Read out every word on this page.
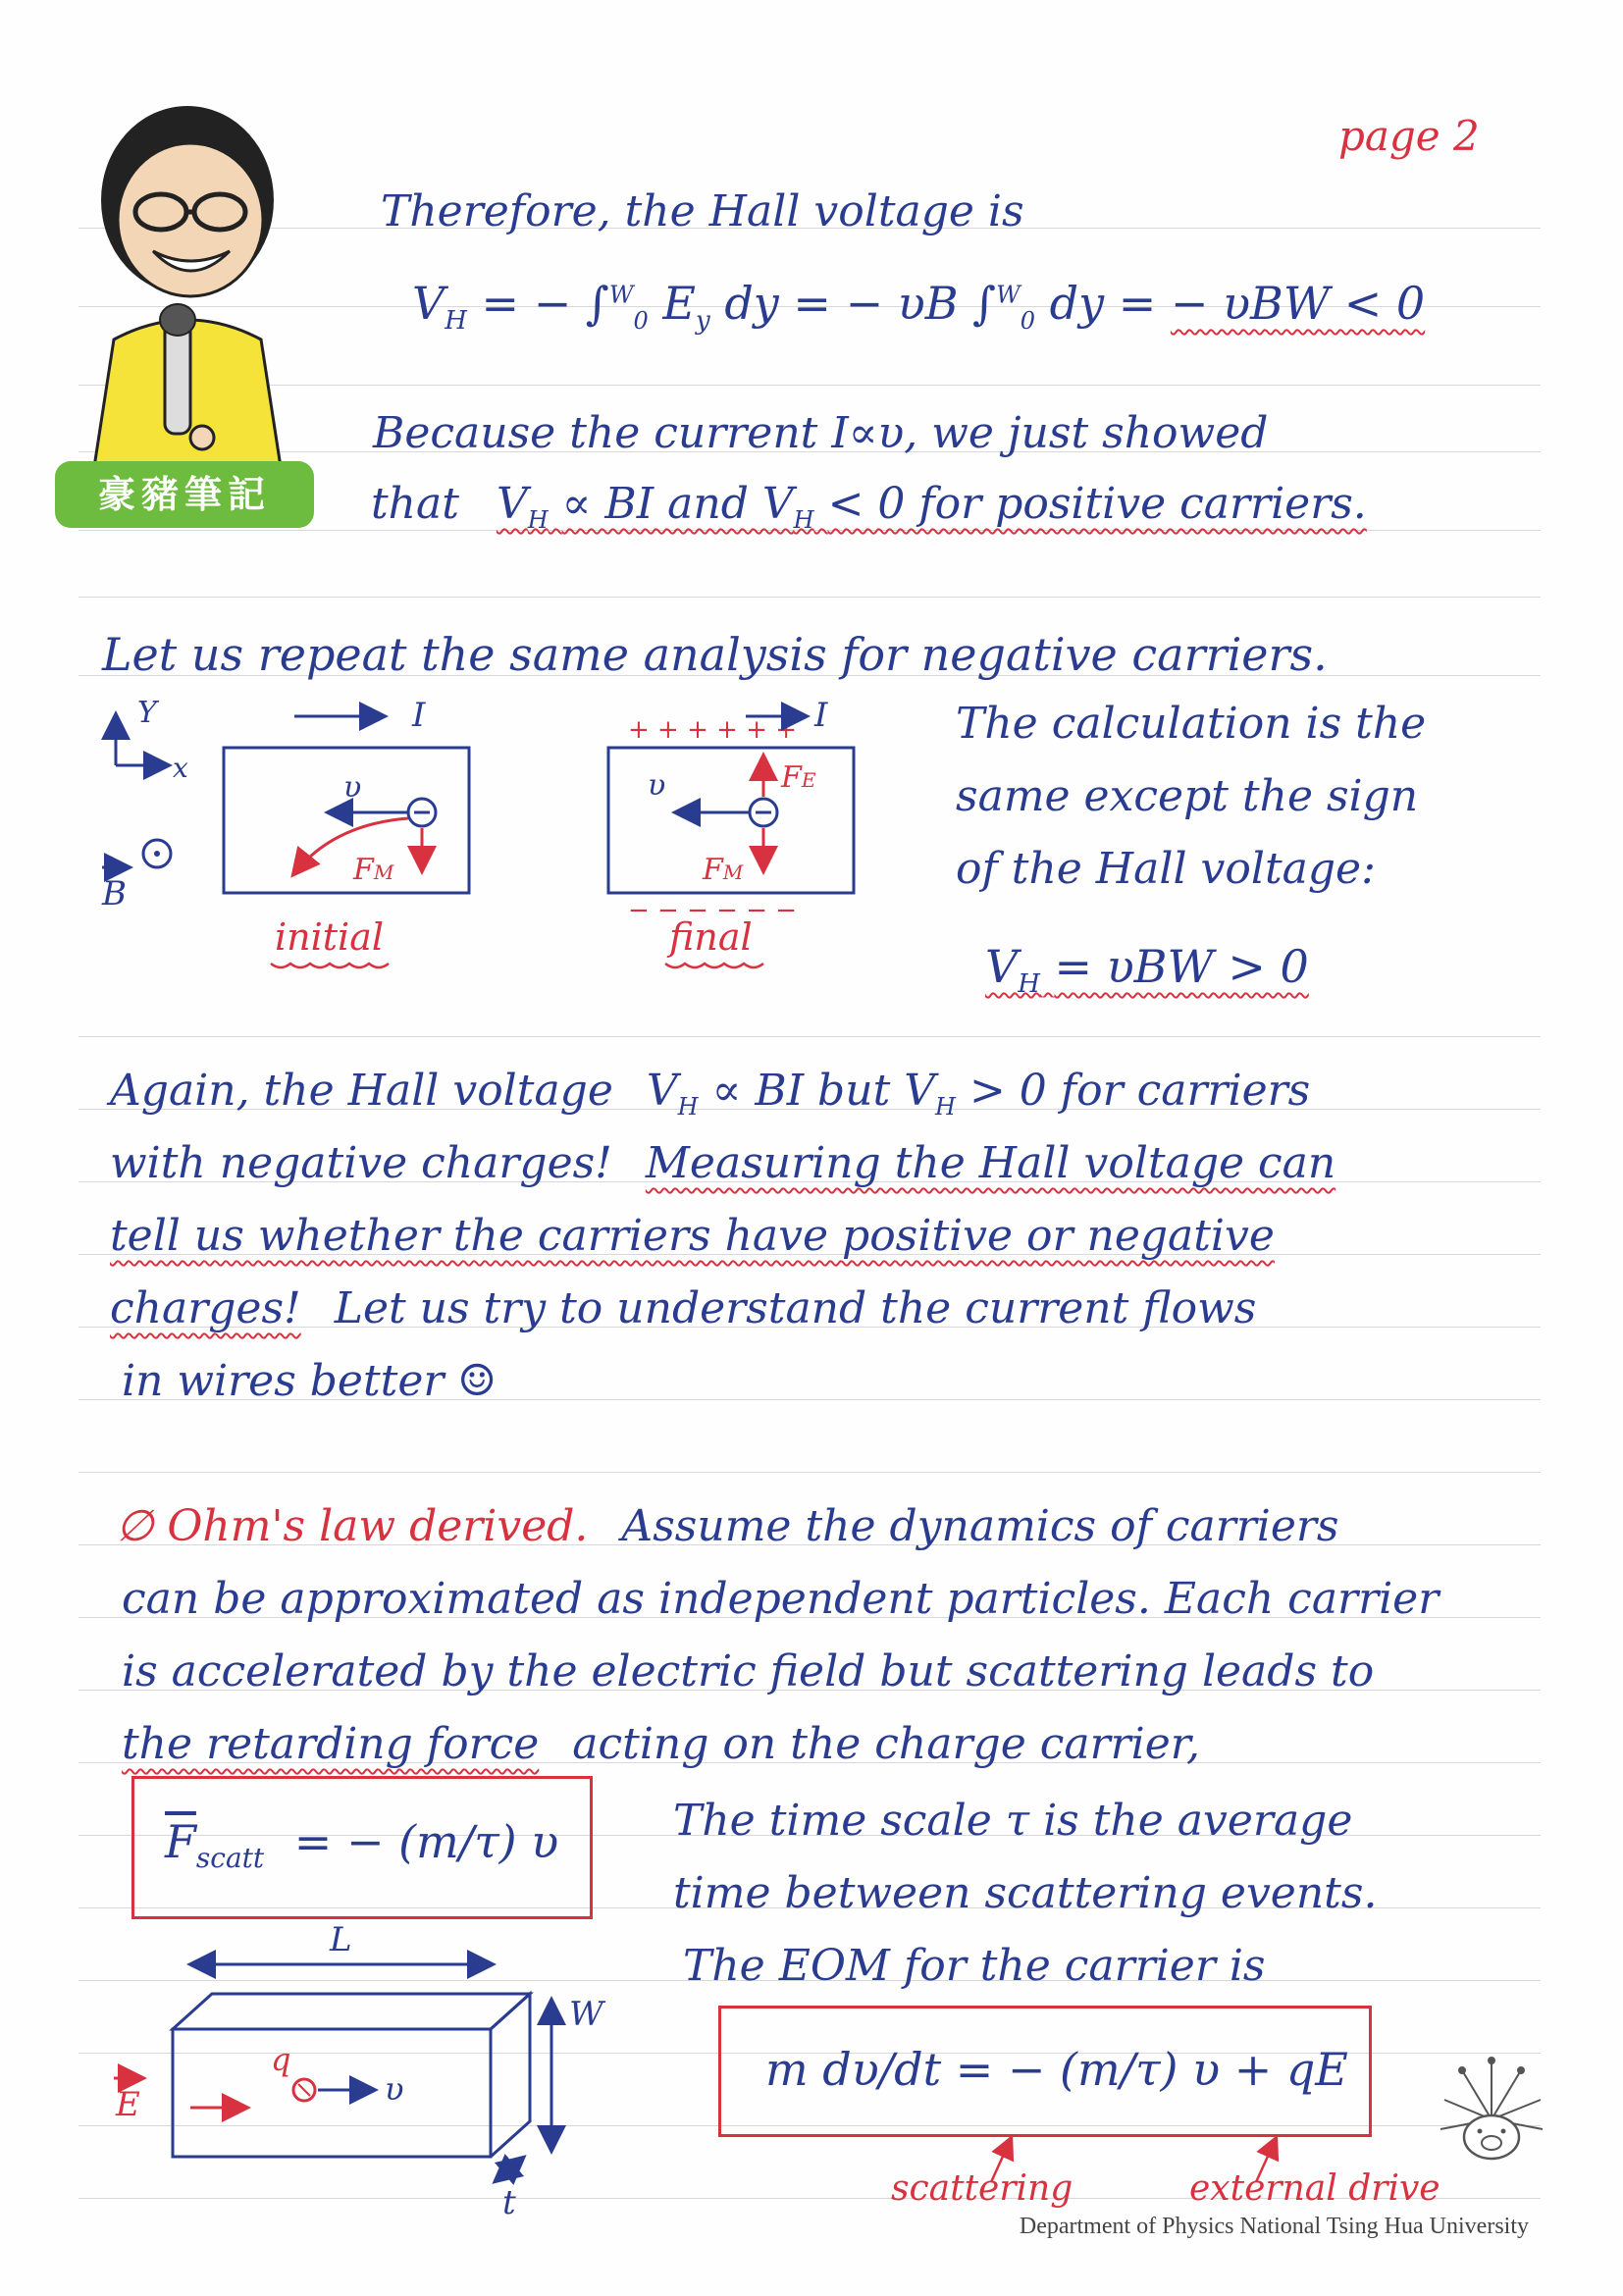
豪豬筆記
page 2
Therefore, the Hall voltage is
$V_H$ = − ∫$^W_0$ $E_y$ dy = − υB ∫$^W_0$ dy = − υBW < 0
Because the current I∝υ, we just showed
that $V_H$ ∝ BI and $V_H < 0$ for positive carriers.
Let us repeat the same analysis for negative carriers.
Y
x
B
I
υ
FM
initial
+ + + + + + I
υ	FE
FM
− − − − − −
final
The calculation is the
same except the sign
of the Hall voltage:
$V_H = \upsilon BW > 0$
Again, the Hall voltage $V_H$ ∝ BI but $V_H > 0$ for carriers
with negative charges! Measuring the Hall voltage can
tell us whether the carriers have positive or negative
charges! Let us try to understand the current flows
in wires better ☺
∅ Ohm's law derived. Assume the dynamics of carriers
can be approximated as independent particles. Each carrier
is accelerated by the electric field but scattering leads to
the retarding force acting on the charge carrier,
$\overline{F}_{scatt}$ = − (m/τ) υ	The time scale τ is the average
time between scattering events.
The EOM for the carrier is
m dυ/dt = − (m/τ) υ + qE
scattering	external drive
L
W
t
q
υ
E
Department of Physics National Tsing Hua University
